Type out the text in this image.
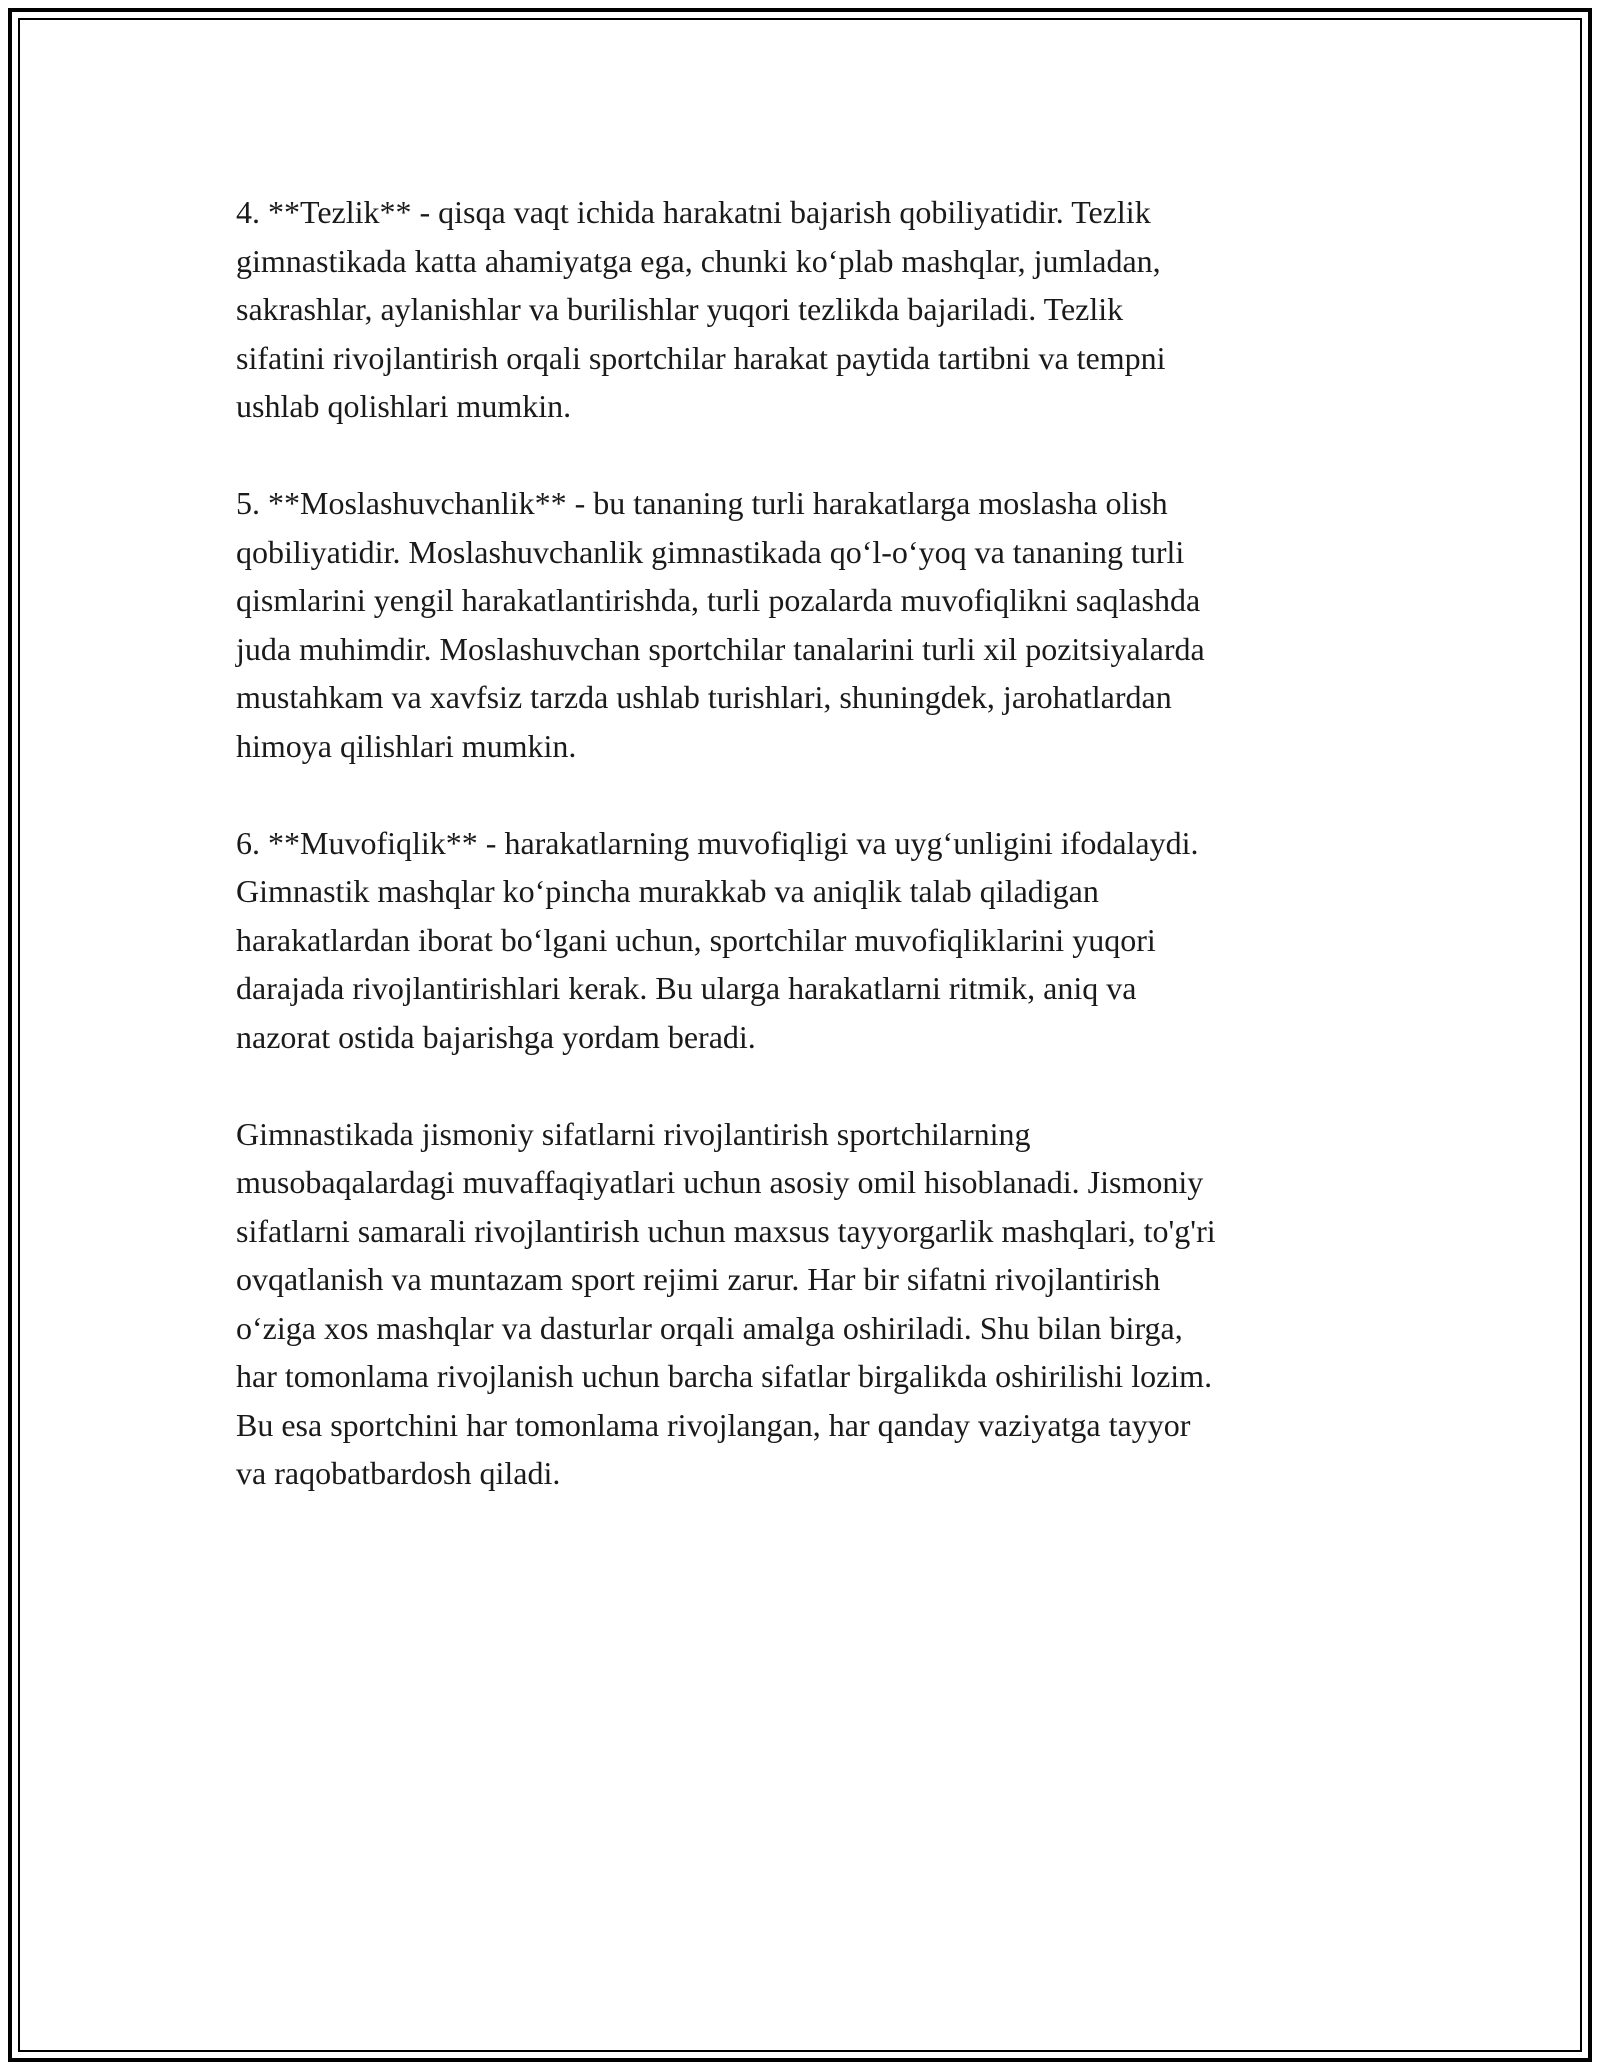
4. **Tezlik** - qisqa vaqt ichida harakatni bajarish qobiliyatidir. Tezlik
gimnastikada katta ahamiyatga ega, chunki ko‘plab mashqlar, jumladan,
sakrashlar, aylanishlar va burilishlar yuqori tezlikda bajariladi. Tezlik
sifatini rivojlantirish orqali sportchilar harakat paytida tartibni va tempni
ushlab qolishlari mumkin.

5. **Moslashuvchanlik** - bu tananing turli harakatlarga moslasha olish
qobiliyatidir. Moslashuvchanlik gimnastikada qo‘l-o‘yoq va tananing turli
qismlarini yengil harakatlantirishda, turli pozalarda muvofiqlikni saqlashda
juda muhimdir. Moslashuvchan sportchilar tanalarini turli xil pozitsiyalarda
mustahkam va xavfsiz tarzda ushlab turishlari, shuningdek, jarohatlardan
himoya qilishlari mumkin.

6. **Muvofiqlik** - harakatlarning muvofiqligi va uyg‘unligini ifodalaydi.
Gimnastik mashqlar ko‘pincha murakkab va aniqlik talab qiladigan
harakatlardan iborat bo‘lgani uchun, sportchilar muvofiqliklarini yuqori
darajada rivojlantirishlari kerak. Bu ularga harakatlarni ritmik, aniq va
nazorat ostida bajarishga yordam beradi.

Gimnastikada jismoniy sifatlarni rivojlantirish sportchilarning
musobaqalardagi muvaffaqiyatlari uchun asosiy omil hisoblanadi. Jismoniy
sifatlarni samarali rivojlantirish uchun maxsus tayyorgarlik mashqlari, to'g'ri
ovqatlanish va muntazam sport rejimi zarur. Har bir sifatni rivojlantirish
o‘ziga xos mashqlar va dasturlar orqali amalga oshiriladi. Shu bilan birga,
har tomonlama rivojlanish uchun barcha sifatlar birgalikda oshirilishi lozim.
Bu esa sportchini har tomonlama rivojlangan, har qanday vaziyatga tayyor
va raqobatbardosh qiladi.
